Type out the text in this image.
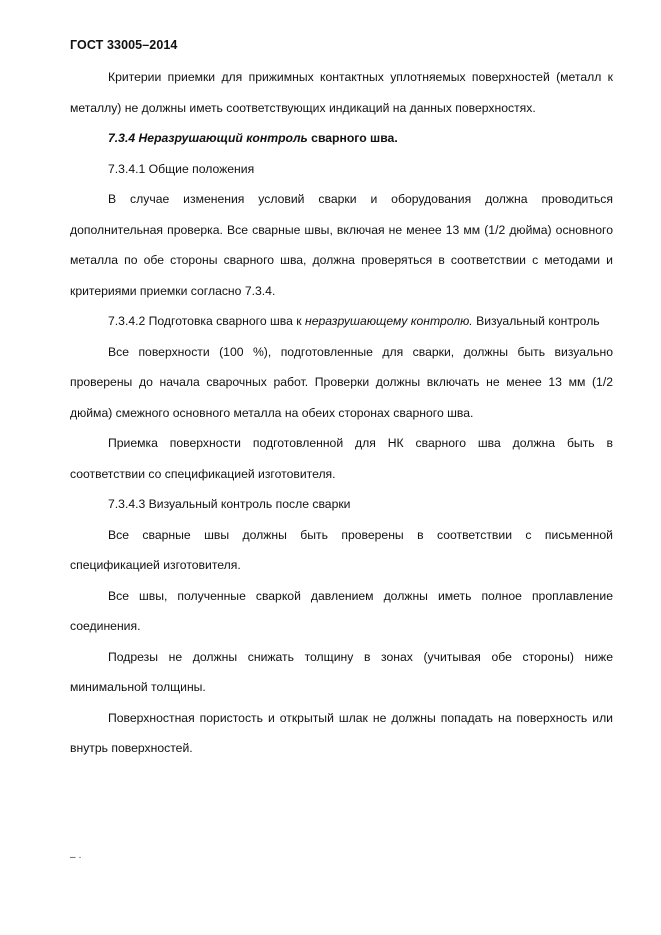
ГОСТ 33005–2014

Критерии приемки для прижимных контактных уплотняемых поверхностей (металл к металлу) не должны иметь соответствующих индикаций на данных поверхностях.

7.3.4 Неразрушающий контроль сварного шва.

7.3.4.1 Общие положения

В случае изменения условий сварки и оборудования должна проводиться дополнительная проверка. Все сварные швы, включая не менее 13 мм (1/2 дюйма) основного металла по обе стороны сварного шва, должна проверяться в соответствии с методами и критериями приемки согласно 7.3.4.

7.3.4.2 Подготовка сварного шва к неразрушающему контролю. Визуальный контроль

Все поверхности (100 %), подготовленные для сварки, должны быть визуально проверены до начала сварочных работ. Проверки должны включать не менее 13 мм (1/2 дюйма) смежного основного металла на обеих сторонах сварного шва.

Приемка поверхности подготовленной для НК сварного шва должна быть в соответствии со спецификацией изготовителя.

7.3.4.3 Визуальный контроль после сварки

Все сварные швы должны быть проверены в соответствии с письменной спецификацией изготовителя.

Все швы, полученные сваркой давлением должны иметь полное проплавление соединения.

Подрезы не должны снижать толщину в зонах (учитывая обе стороны) ниже минимальной толщины.

Поверхностная пористость и открытый шлак не должны попадать на поверхность или внутрь поверхностей.

– ·
